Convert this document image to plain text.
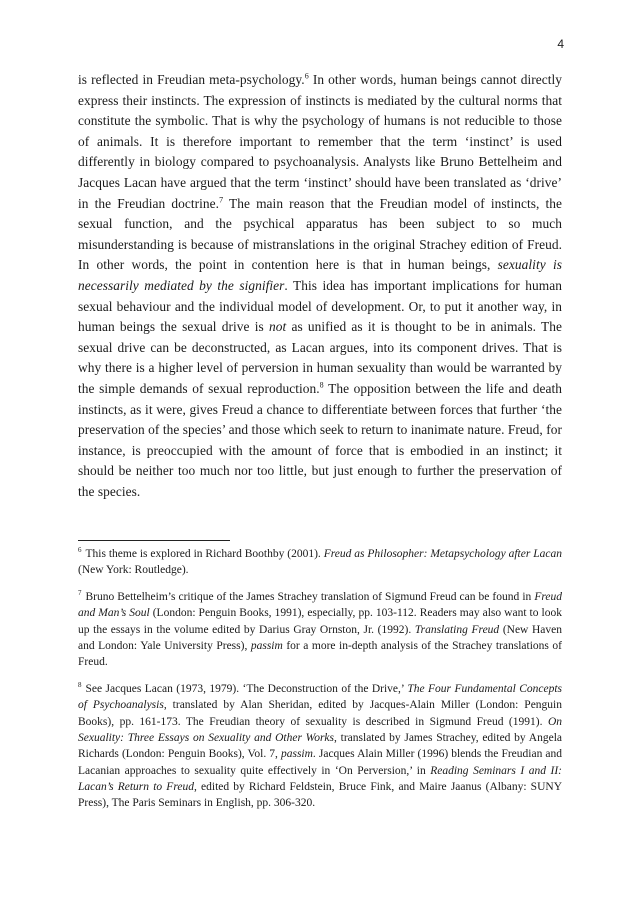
4

is reflected in Freudian meta-psychology.$^6$ In other words, human beings cannot directly express their instincts. The expression of instincts is mediated by the cultural norms that constitute the symbolic. That is why the psychology of humans is not reducible to those of animals. It is therefore important to remember that the term ‘instinct’ is used differently in biology compared to psychoanalysis. Analysts like Bruno Bettelheim and Jacques Lacan have argued that the term ‘instinct’ should have been translated as ‘drive’ in the Freudian doctrine.$^7$ The main reason that the Freudian model of instincts, the sexual function, and the psychical apparatus has been subject to so much misunderstanding is because of mistranslations in the original Strachey edition of Freud. In other words, the point in contention here is that in human beings, sexuality is necessarily mediated by the signifier. This idea has important implications for human sexual behaviour and the individual model of development. Or, to put it another way, in human beings the sexual drive is not as unified as it is thought to be in animals. The sexual drive can be deconstructed, as Lacan argues, into its component drives. That is why there is a higher level of perversion in human sexuality than would be warranted by the simple demands of sexual reproduction.$^8$ The opposition between the life and death instincts, as it were, gives Freud a chance to differentiate between forces that further ‘the preservation of the species’ and those which seek to return to inanimate nature. Freud, for instance, is preoccupied with the amount of force that is embodied in an instinct; it should be neither too much nor too little, but just enough to further the preservation of the species.

$^6$ This theme is explored in Richard Boothby (2001). Freud as Philosopher: Metapsychology after Lacan (New York: Routledge).

$^7$ Bruno Bettelheim’s critique of the James Strachey translation of Sigmund Freud can be found in Freud and Man’s Soul (London: Penguin Books, 1991), especially, pp. 103-112. Readers may also want to look up the essays in the volume edited by Darius Gray Ornston, Jr. (1992). Translating Freud (New Haven and London: Yale University Press), passim for a more in-depth analysis of the Strachey translations of Freud.

$^8$ See Jacques Lacan (1973, 1979). ‘The Deconstruction of the Drive,’ The Four Fundamental Concepts of Psychoanalysis, translated by Alan Sheridan, edited by Jacques-Alain Miller (London: Penguin Books), pp. 161-173. The Freudian theory of sexuality is described in Sigmund Freud (1991). On Sexuality: Three Essays on Sexuality and Other Works, translated by James Strachey, edited by Angela Richards (London: Penguin Books), Vol. 7, passim. Jacques Alain Miller (1996) blends the Freudian and Lacanian approaches to sexuality quite effectively in ‘On Perversion,’ in Reading Seminars I and II: Lacan’s Return to Freud, edited by Richard Feldstein, Bruce Fink, and Maire Jaanus (Albany: SUNY Press), The Paris Seminars in English, pp. 306-320.
